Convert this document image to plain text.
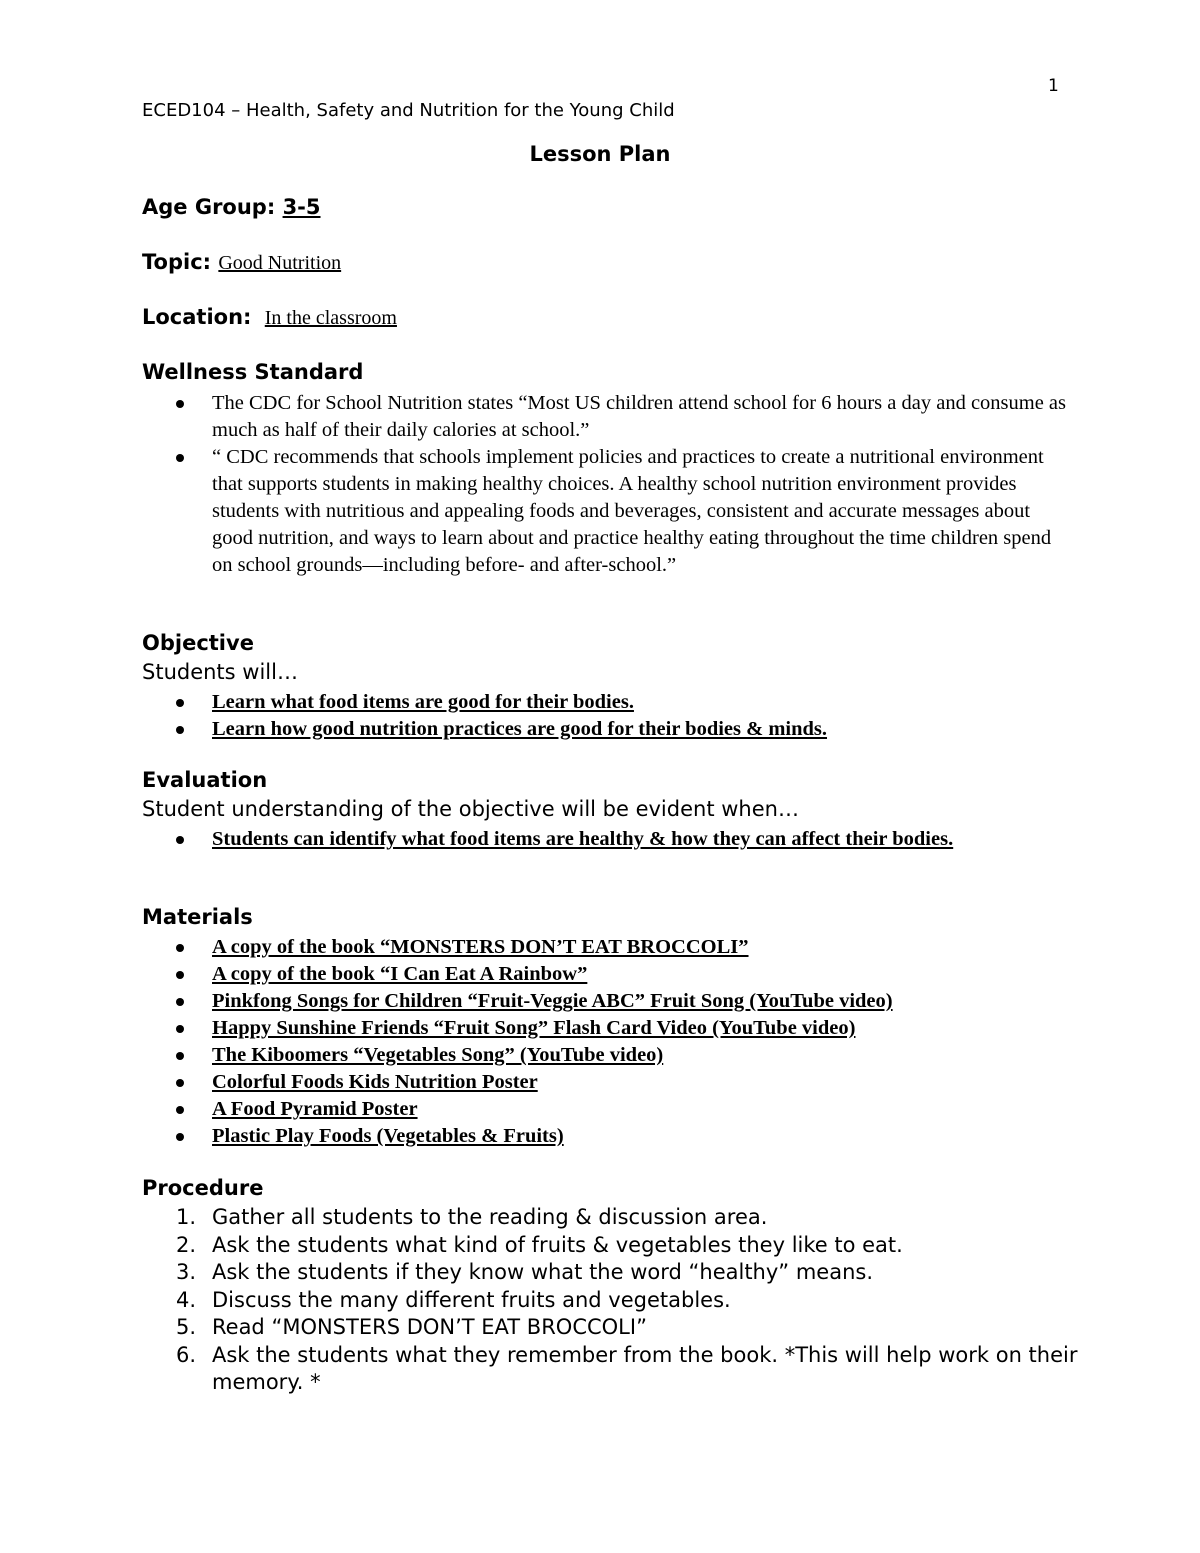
1
ECED104 – Health, Safety and Nutrition for the Young Child
Lesson Plan
Age Group: 3-5
Topic: Good Nutrition
Location: In the classroom
Wellness Standard
The CDC for School Nutrition states “Most US children attend school for 6 hours a day and consume as much as half of their daily calories at school.”
“ CDC recommends that schools implement policies and practices to create a nutritional environment that supports students in making healthy choices. A healthy school nutrition environment provides students with nutritious and appealing foods and beverages, consistent and accurate messages about good nutrition, and ways to learn about and practice healthy eating throughout the time children spend on school grounds—including before- and after-school.”
Objective
Students will…
Learn what food items are good for their bodies.
Learn how good nutrition practices are good for their bodies & minds.
Evaluation
Student understanding of the objective will be evident when…
Students can identify what food items are healthy & how they can affect their bodies.
Materials
A copy of the book “MONSTERS DON’T EAT BROCCOLI”
A copy of the book “I Can Eat A Rainbow”
Pinkfong Songs for Children “Fruit-Veggie ABC” Fruit Song (YouTube video)
Happy Sunshine Friends “Fruit Song” Flash Card Video (YouTube video)
The Kiboomers “Vegetables Song” (YouTube video)
Colorful Foods Kids Nutrition Poster
A Food Pyramid Poster
Plastic Play Foods (Vegetables & Fruits)
Procedure
1. Gather all students to the reading & discussion area.
2. Ask the students what kind of fruits & vegetables they like to eat.
3. Ask the students if they know what the word “healthy” means.
4. Discuss the many different fruits and vegetables.
5. Read “MONSTERS DON’T EAT BROCCOLI”
6. Ask the students what they remember from the book. *This will help work on their memory. *
